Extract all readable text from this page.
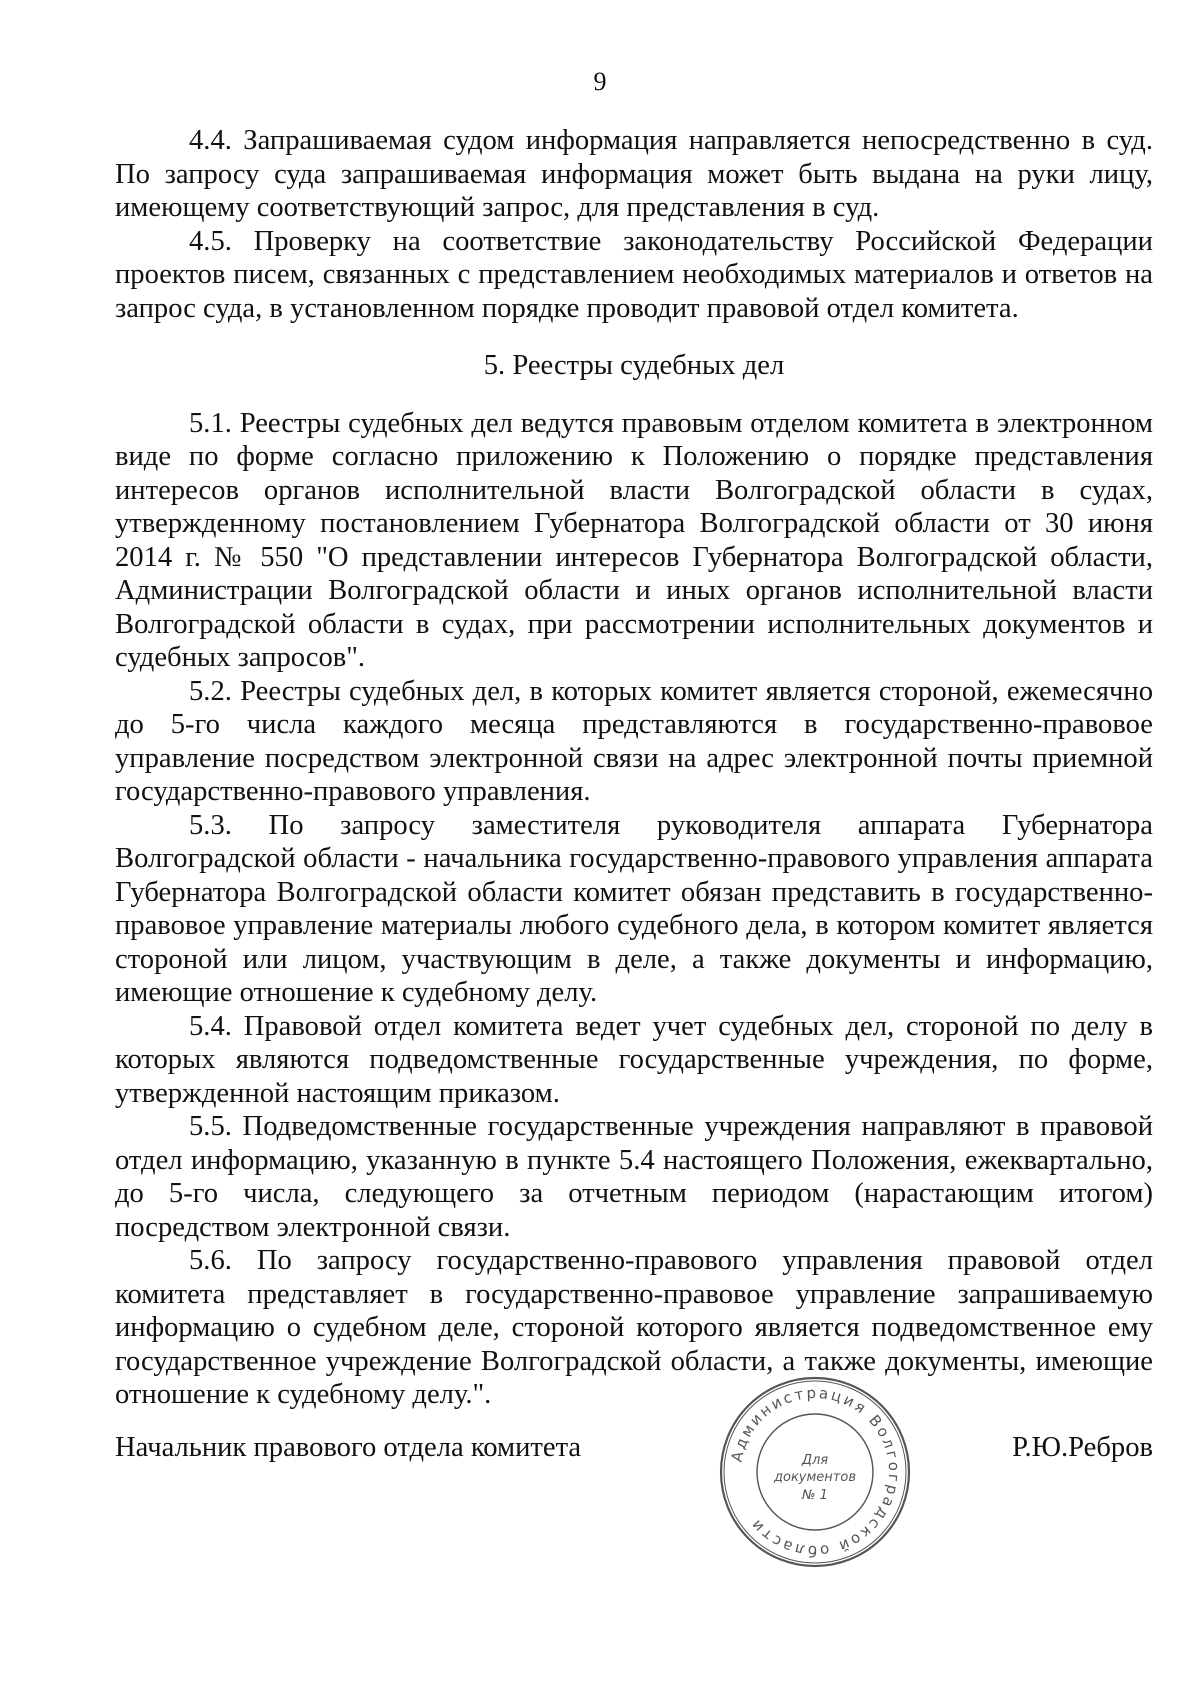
9

4.4. Запрашиваемая судом информация направляется непосредственно в суд. По запросу суда запрашиваемая информация может быть выдана на руки лицу, имеющему соответствующий запрос, для представления в суд.

4.5. Проверку на соответствие законодательству Российской Федерации проектов писем, связанных с представлением необходимых материалов и ответов на запрос суда, в установленном порядке проводит правовой отдел комитета.

5. Реестры судебных дел

5.1. Реестры судебных дел ведутся правовым отделом комитета в электронном виде по форме согласно приложению к Положению о порядке представления интересов органов исполнительной власти Волгоградской области в судах, утвержденному постановлением Губернатора Волгоградской области от 30 июня 2014 г. № 550 "О представлении интересов Губернатора Волгоградской области, Администрации Волгоградской области и иных органов исполнительной власти Волгоградской области в судах, при рассмотрении исполнительных документов и судебных запросов".

5.2. Реестры судебных дел, в которых комитет является стороной, ежемесячно до 5-го числа каждого месяца представляются в государственно-правовое управление посредством электронной связи на адрес электронной почты приемной государственно-правового управления.

5.3. По запросу заместителя руководителя аппарата Губернатора Волгоградской области - начальника государственно-правового управления аппарата Губернатора Волгоградской области комитет обязан представить в государственно-правовое управление материалы любого судебного дела, в котором комитет является стороной или лицом, участвующим в деле, а также документы и информацию, имеющие отношение к судебному делу.

5.4. Правовой отдел комитета ведет учет судебных дел, стороной по делу в которых являются подведомственные государственные учреждения, по форме, утвержденной настоящим приказом.

5.5. Подведомственные государственные учреждения направляют в правовой отдел информацию, указанную в пункте 5.4 настоящего Положения, ежеквартально, до 5-го числа, следующего за отчетным периодом (нарастающим итогом) посредством электронной связи.

5.6. По запросу государственно-правового управления правовой отдел комитета представляет в государственно-правовое управление запрашиваемую информацию о судебном деле, стороной которого является подведомственное ему государственное учреждение Волгоградской области, а также документы, имеющие отношение к судебному делу.".

Начальник правового отдела комитета	Р.Ю.Ребров
Администрация Волгоградской области
Для
документов
№ 1
